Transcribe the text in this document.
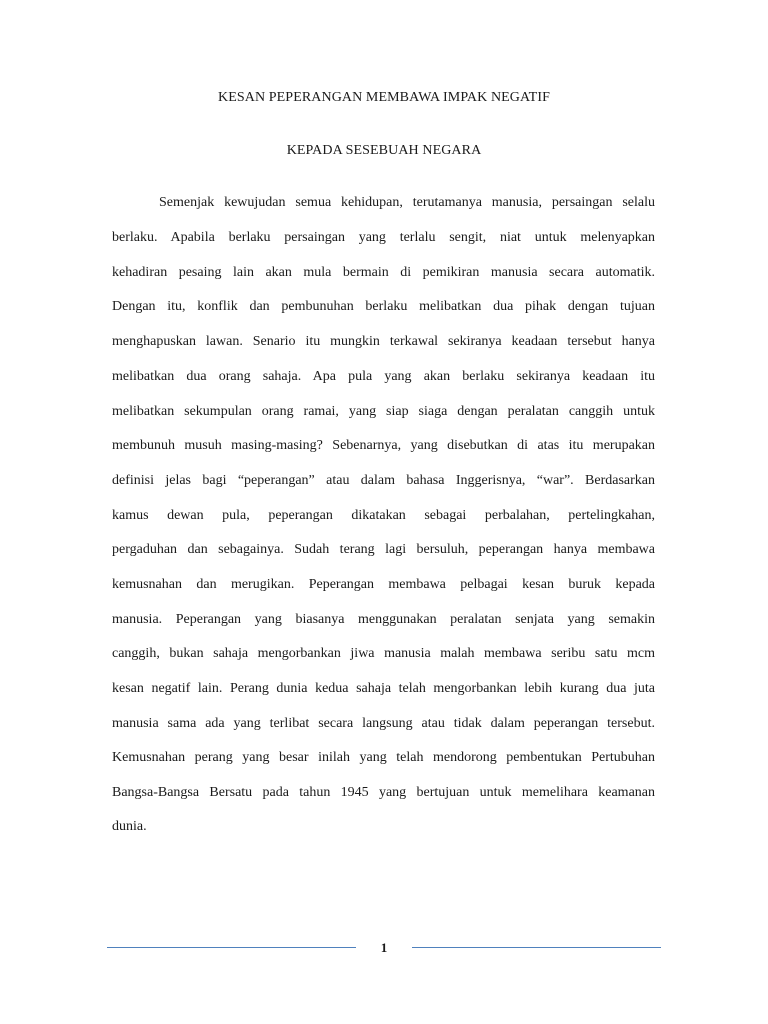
KESAN PEPERANGAN MEMBAWA IMPAK NEGATIF
KEPADA SESEBUAH NEGARA
Semenjak kewujudan semua kehidupan, terutamanya manusia, persaingan selalu
berlaku. Apabila berlaku persaingan yang terlalu sengit, niat untuk melenyapkan
kehadiran pesaing lain akan mula bermain di pemikiran manusia secara automatik.
Dengan itu, konflik dan pembunuhan berlaku melibatkan dua pihak dengan tujuan
menghapuskan lawan. Senario itu mungkin terkawal sekiranya keadaan tersebut hanya
melibatkan dua orang sahaja. Apa pula yang akan berlaku sekiranya keadaan itu
melibatkan sekumpulan orang ramai, yang siap siaga dengan peralatan canggih untuk
membunuh musuh masing-masing? Sebenarnya, yang disebutkan di atas itu merupakan
definisi jelas bagi “peperangan” atau dalam bahasa Inggerisnya, “war”. Berdasarkan
kamus dewan pula, peperangan dikatakan sebagai perbalahan, pertelingkahan,
pergaduhan dan sebagainya. Sudah terang lagi bersuluh, peperangan hanya membawa
kemusnahan dan merugikan. Peperangan membawa pelbagai kesan buruk kepada
manusia. Peperangan yang biasanya menggunakan peralatan senjata yang semakin
canggih, bukan sahaja mengorbankan jiwa manusia malah membawa seribu satu mcm
kesan negatif lain. Perang dunia kedua sahaja telah mengorbankan lebih kurang dua juta
manusia sama ada yang terlibat secara langsung atau tidak dalam peperangan tersebut.
Kemusnahan perang yang besar inilah yang telah mendorong pembentukan Pertubuhan
Bangsa-Bangsa Bersatu pada tahun 1945 yang bertujuan untuk memelihara keamanan
dunia.
1
